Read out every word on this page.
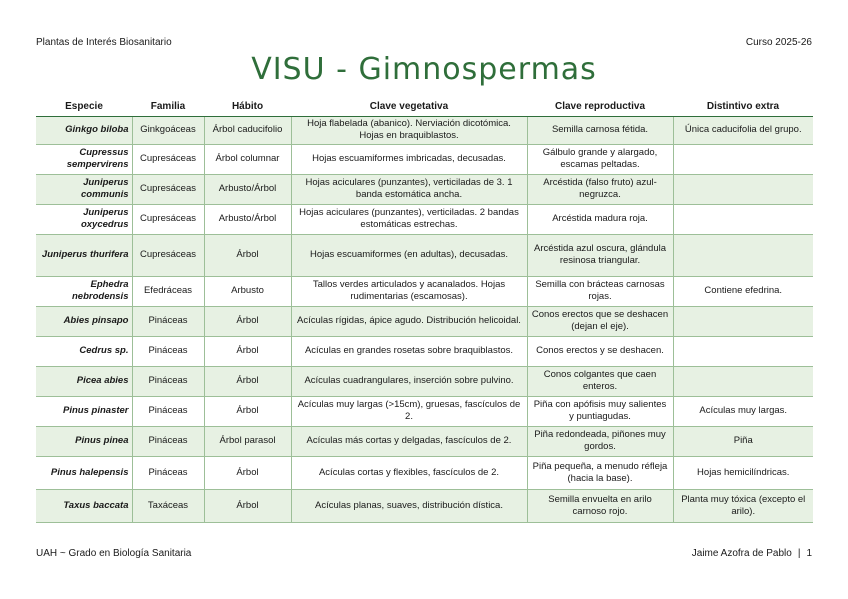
Plantas de Interés Biosanitario	Curso 2025-26
VISU - Gimnospermas
Especie	Familia	Hábito	Clave vegetativa	Clave reproductiva	Distintivo extra
Ginkgo biloba	Ginkgoáceas	Árbol caducifolio	Hoja flabelada (abanico). Nerviación dicotómica. Hojas en braquiblastos.	Semilla carnosa fétida.	Única caducifolia del grupo.
Cupressus sempervirens	Cupresáceas	Árbol columnar	Hojas escuamiformes imbricadas, decusadas.	Gálbulo grande y alargado, escamas peltadas.	
Juniperus communis	Cupresáceas	Arbusto/Árbol	Hojas aciculares (punzantes), verticiladas de 3. 1 banda estomática ancha.	Arcéstida (falso fruto) azul-negruzca.	
Juniperus oxycedrus	Cupresáceas	Arbusto/Árbol	Hojas aciculares (punzantes), verticiladas. 2 bandas estomáticas estrechas.	Arcéstida madura roja.	
Juniperus thurifera	Cupresáceas	Árbol	Hojas escuamiformes (en adultas), decusadas.	Arcéstida azul oscura, glándula resinosa triangular.	
Ephedra nebrodensis	Efedráceas	Arbusto	Tallos verdes articulados y acanalados. Hojas rudimentarias (escamosas).	Semilla con brácteas carnosas rojas.	Contiene efedrina.
Abies pinsapo	Pináceas	Árbol	Acículas rígidas, ápice agudo. Distribución helicoidal.	Conos erectos que se deshacen (dejan el eje).	
Cedrus sp.	Pináceas	Árbol	Acículas en grandes rosetas sobre braquiblastos.	Conos erectos y se deshacen.	
Picea abies	Pináceas	Árbol	Acículas cuadrangulares, inserción sobre pulvino.	Conos colgantes que caen enteros.	
Pinus pinaster	Pináceas	Árbol	Acículas muy largas (>15cm), gruesas, fascículos de 2.	Piña con apófisis muy salientes y puntiagudas.	Acículas muy largas.
Pinus pinea	Pináceas	Árbol parasol	Acículas más cortas y delgadas, fascículos de 2.	Piña redondeada, piñones muy gordos.	Piña
Pinus halepensis	Pináceas	Árbol	Acículas cortas y flexibles, fascículos de 2.	Piña pequeña, a menudo réfleja (hacia la base).	Hojas hemicilíndricas.
Taxus baccata	Taxáceas	Árbol	Acículas planas, suaves, distribución dística.	Semilla envuelta en arilo carnoso rojo.	Planta muy tóxica (excepto el arilo).
UAH ~ Grado en Biología Sanitaria	Jaime Azofra de Pablo | 1
